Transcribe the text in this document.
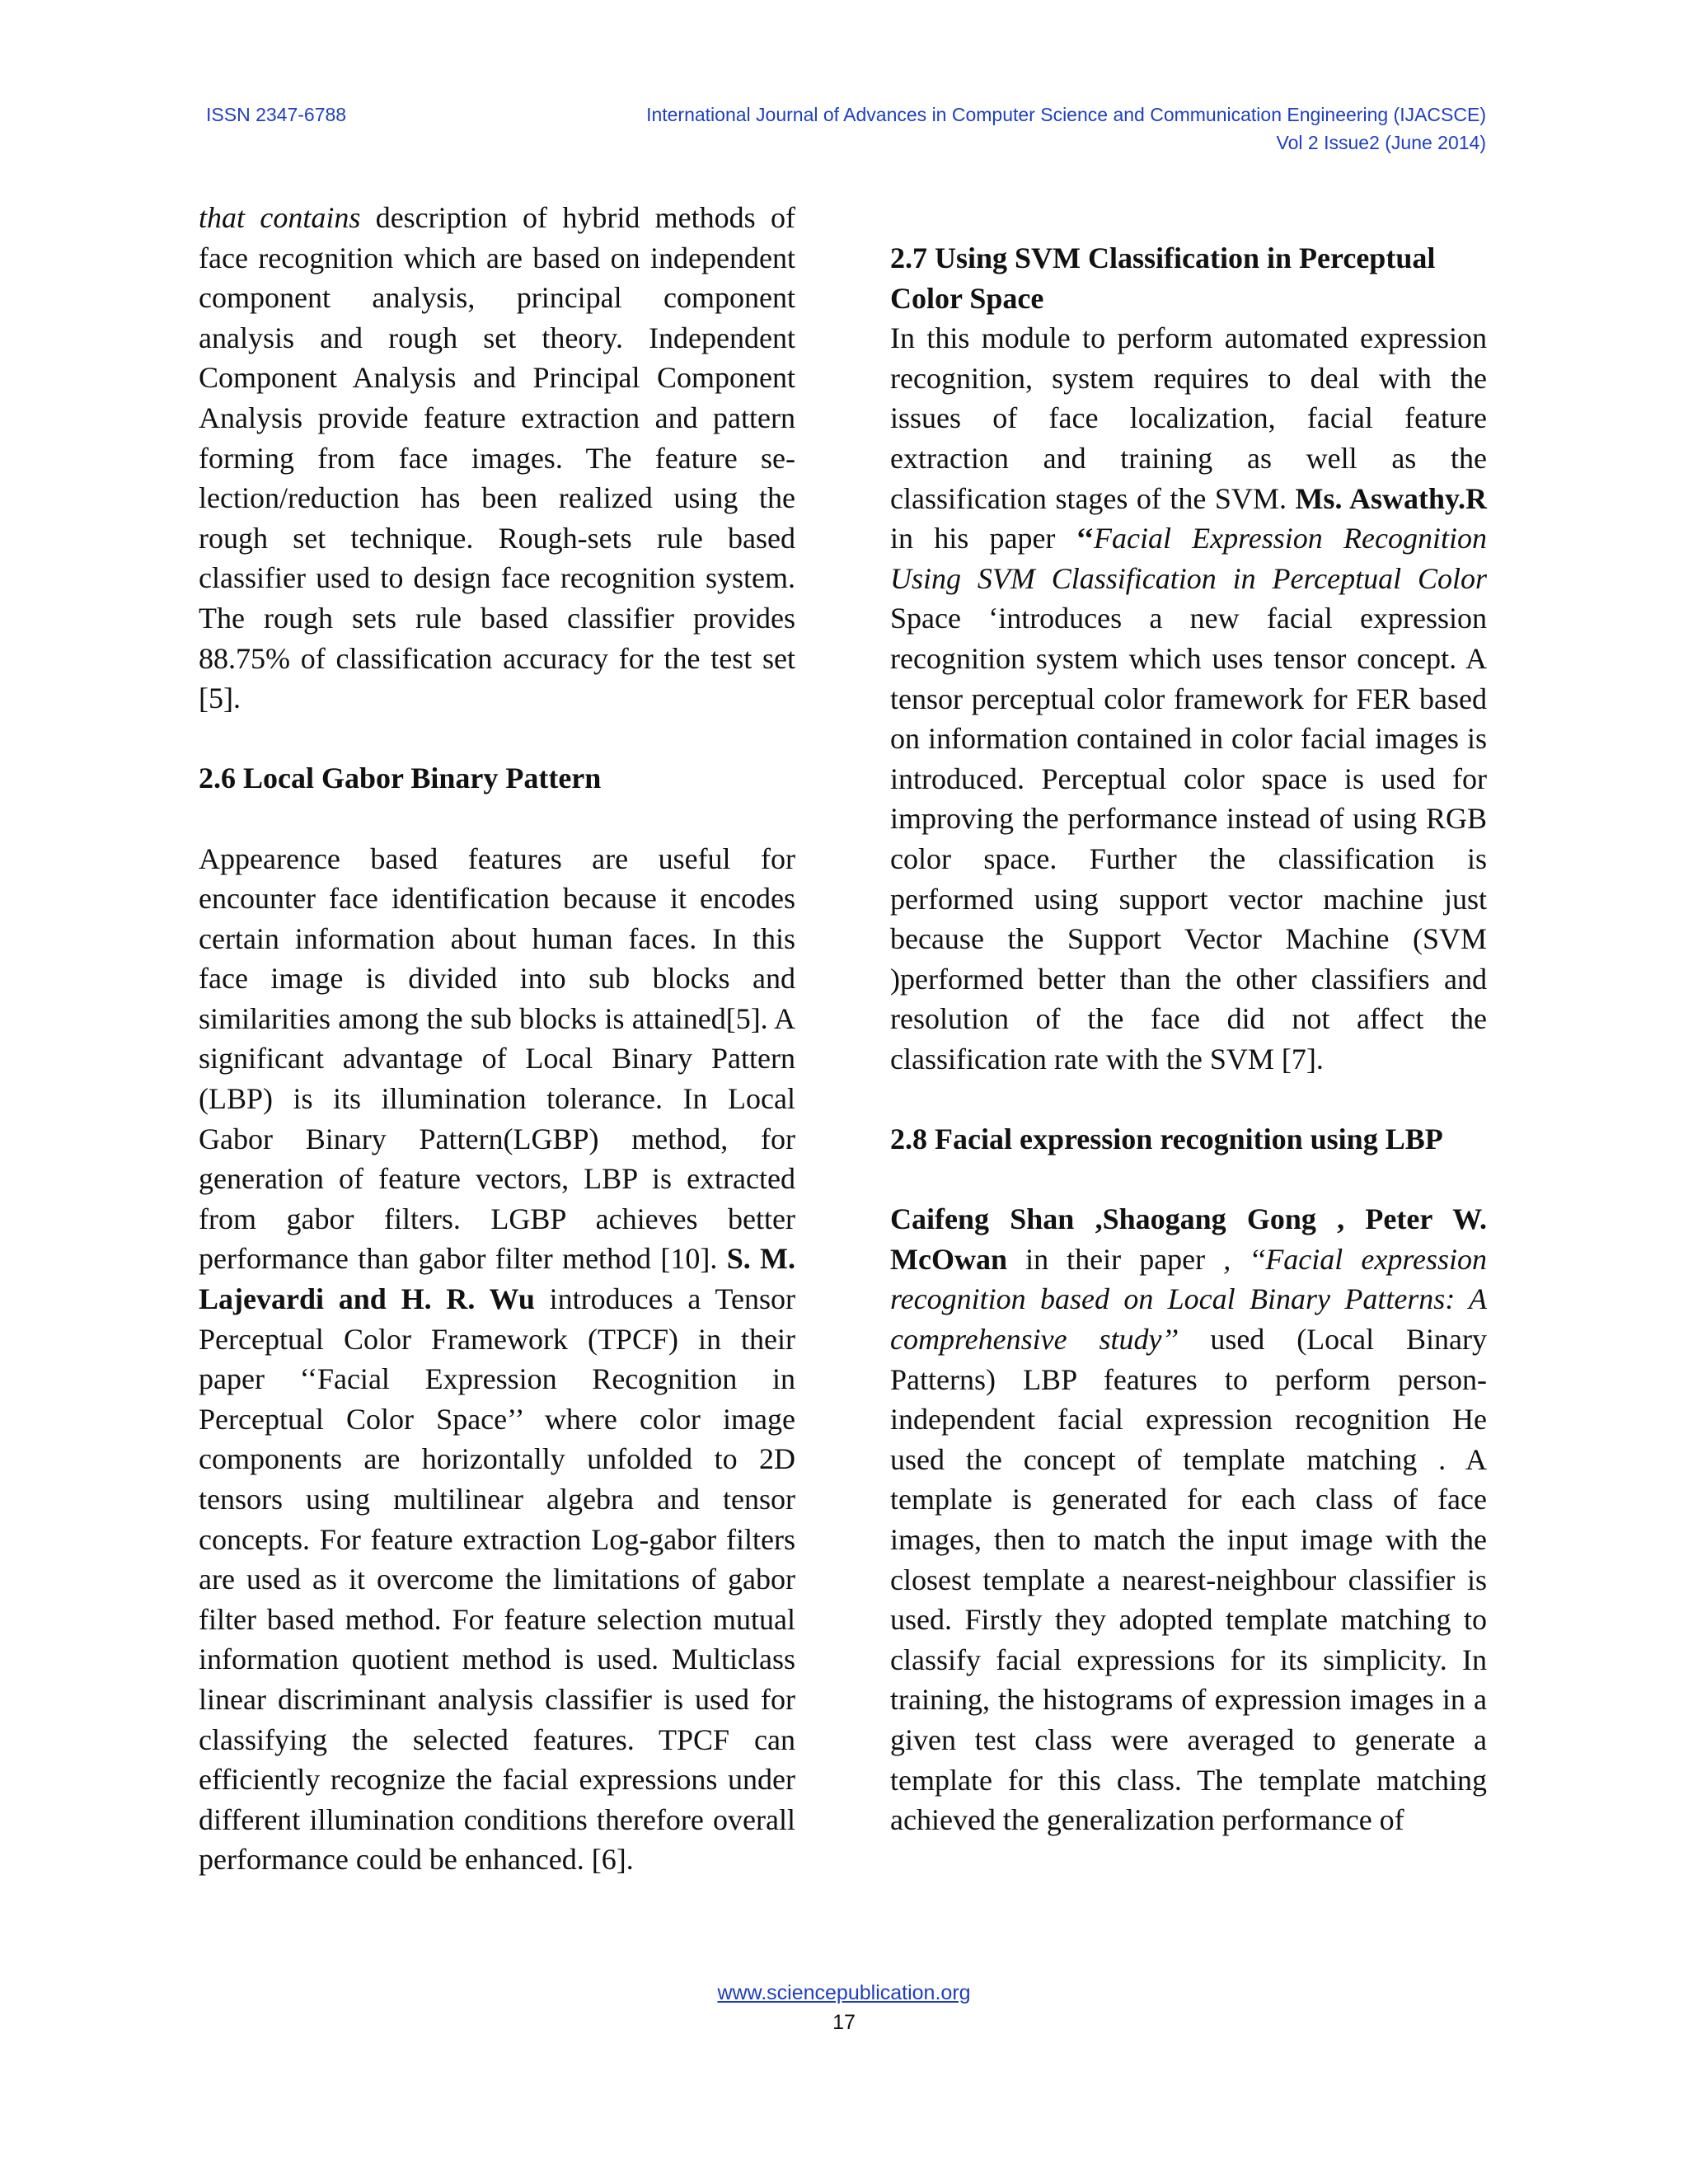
ISSN 2347-6788	International Journal of Advances in Computer Science and Communication Engineering (IJACSCE)
Vol 2 Issue2 (June 2014)

that contains description of hybrid methods of face recognition which are based on independent component analysis, principal component analysis and rough set theory. Independent Component Analysis and Principal Component Analysis provide feature extraction and pattern forming from face images. The feature se-lection/reduction has been realized using the rough set technique. Rough-sets rule based classifier used to design face recognition system. The rough sets rule based classifier provides 88.75% of classification accuracy for the test set [5].

2.6 Local Gabor Binary Pattern

Appearence based features are useful for encounter face identification because it encodes certain information about human faces. In this face image is divided into sub blocks and similarities among the sub blocks is attained[5]. A significant advantage of Local Binary Pattern (LBP) is its illumination tolerance. In Local Gabor Binary Pattern(LGBP) method, for generation of feature vectors, LBP is extracted from gabor filters. LGBP achieves better performance than gabor filter method [10]. S. M. Lajevardi and H. R. Wu introduces a Tensor Perceptual Color Framework (TPCF) in their paper ‘‘Facial Expression Recognition in Perceptual Color Space’’ where color image components are horizontally unfolded to 2D tensors using multilinear algebra and tensor concepts. For feature extraction Log-gabor filters are used as it overcome the limitations of gabor filter based method. For feature selection mutual information quotient method is used. Multiclass linear discriminant analysis classifier is used for classifying the selected features. TPCF can efficiently recognize the facial expressions under different illumination conditions therefore overall performance could be enhanced. [6].

2.7 Using SVM Classification in Perceptual Color Space

In this module to perform automated expression recognition, system requires to deal with the issues of face localization, facial feature extraction and training as well as the classification stages of the SVM. Ms. Aswathy.R in his paper ‘‘Facial Expression Recognition Using SVM Classification in Perceptual Color Space ‘introduces a new facial expression recognition system which uses tensor concept. A tensor perceptual color framework for FER based on information contained in color facial images is introduced. Perceptual color space is used for improving the performance instead of using RGB color space. Further the classification is performed using support vector machine just because the Support Vector Machine (SVM )performed better than the other classifiers and resolution of the face did not affect the classification rate with the SVM [7].

2.8 Facial expression recognition using LBP

Caifeng Shan ,Shaogang Gong , Peter W. McOwan in their paper , ‘‘Facial expression recognition based on Local Binary Patterns: A comprehensive study’’ used (Local Binary Patterns) LBP features to perform person-independent facial expression recognition He used the concept of template matching . A template is generated for each class of face images, then to match the input image with the closest template a nearest-neighbour classifier is used. Firstly they adopted template matching to classify facial expressions for its simplicity. In training, the histograms of expression images in a given test class were averaged to generate a template for this class. The template matching achieved the generalization performance of

www.sciencepublication.org
17
